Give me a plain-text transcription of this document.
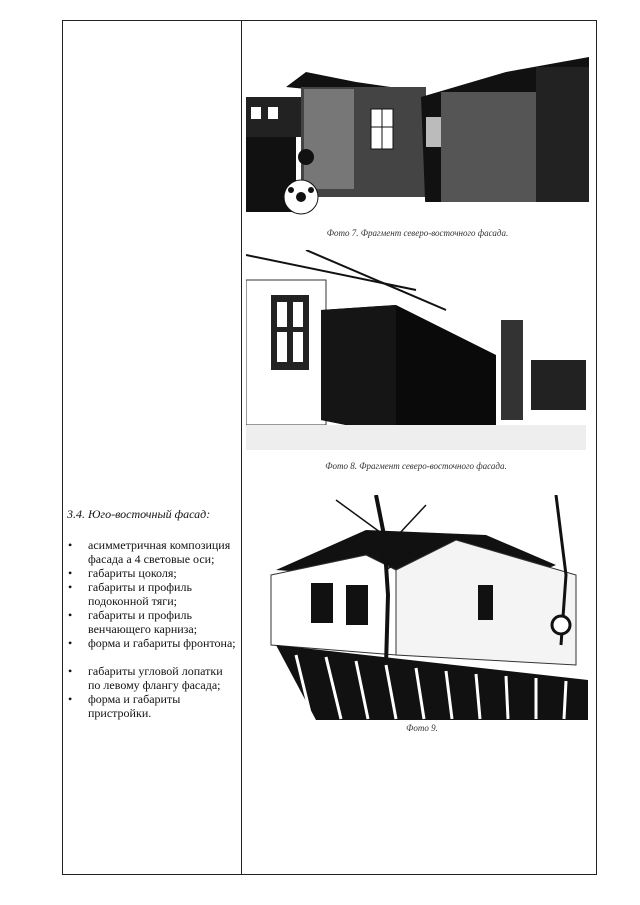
Фото 7. Фрагмент северо-восточного фасада.
Фото 8. Фрагмент северо-восточного фасада.
Фото 9.
3.4. Юго-восточный фасад:
• асимметричная композиция фасада а 4 световые оси;
• габариты цоколя;
• габариты и профиль подоконной тяги;
• габариты и профиль венчающего карниза;
• форма и габариты фронтона;
• габариты угловой лопатки по левому флангу фасада;
• форма и габариты пристройки.
